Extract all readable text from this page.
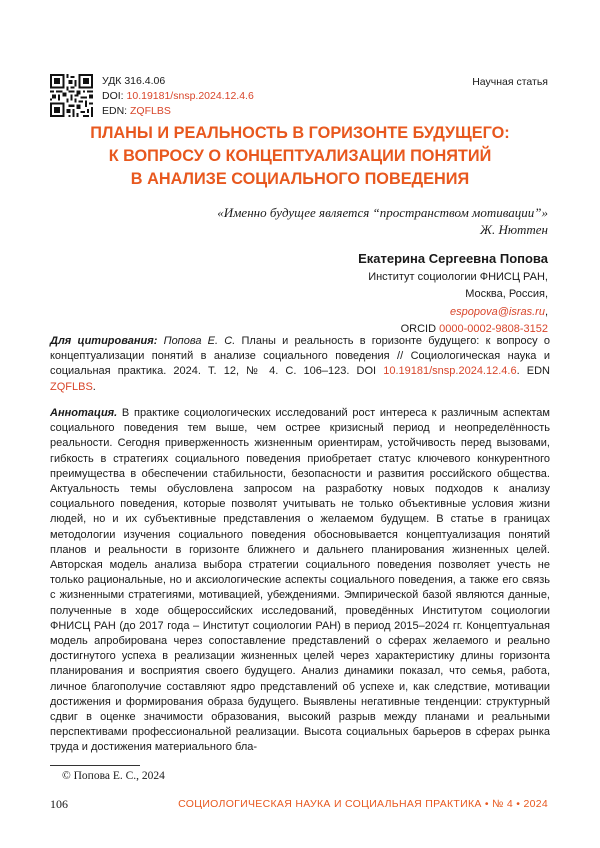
УДК 316.4.06
DOI: 10.19181/snsp.2024.12.4.6
EDN: ZQFLBS
Научная статья
ПЛАНЫ И РЕАЛЬНОСТЬ В ГОРИЗОНТЕ БУДУЩЕГО:
К ВОПРОСУ О КОНЦЕПТУАЛИЗАЦИИ ПОНЯТИЙ
В АНАЛИЗЕ СОЦИАЛЬНОГО ПОВЕДЕНИЯ
«Именно будущее является “пространством мотивации”»
Ж. Нюттен
Екатерина Сергеевна Попова
Институт социологии ФНИСЦ РАН,
Москва, Россия,
espopova@isras.ru,
ORCID 0000-0002-9808-3152
Для цитирования: Попова Е. С. Планы и реальность в горизонте будущего: к вопросу о концептуализации понятий в анализе социального поведения // Социологическая наука и социальная практика. 2024. Т. 12, № 4. С. 106–123. DOI 10.19181/snsp.2024.12.4.6. EDN ZQFLBS.
Аннотация. В практике социологических исследований рост интереса к различным аспектам социального поведения тем выше, чем острее кризисный период и неопределённость реальности. Сегодня приверженность жизненным ориентирам, устойчивость перед вызовами, гибкость в стратегиях социального поведения приобретает статус ключевого конкурентного преимущества в обеспечении стабильности, безопасности и развития российского общества. Актуальность темы обусловлена запросом на разработку новых подходов к анализу социального поведения, которые позволят учитывать не только объективные условия жизни людей, но и их субъективные представления о желаемом будущем. В статье в границах методологии изучения социального поведения обосновывается концептуализация понятий планов и реальности в горизонте ближнего и дальнего планирования жизненных целей. Авторская модель анализа выбора стратегии социального поведения позволяет учесть не только рациональные, но и аксиологические аспекты социального поведения, а также его связь с жизненными стратегиями, мотивацией, убеждениями. Эмпирической базой являются данные, полученные в ходе общероссийских исследований, проведённых Институтом социологии ФНИСЦ РАН (до 2017 года – Институт социологии РАН) в период 2015–2024 гг. Концептуальная модель апробирована через сопоставление представлений о сферах желаемого и реально достигнутого успеха в реализации жизненных целей через характеристику длины горизонта планирования и восприятия своего будущего. Анализ динамики показал, что семья, работа, личное благополучие составляют ядро представлений об успехе и, как следствие, мотивации достижения и формирования образа будущего. Выявлены негативные тенденции: структурный сдвиг в оценке значимости образования, высокий разрыв между планами и реальными перспективами профессиональной реализации. Высота социальных барьеров в сферах рынка труда и достижения материального бла-
© Попова Е. С., 2024
106	СОЦИОЛОГИЧЕСКАЯ НАУКА И СОЦИАЛЬНАЯ ПРАКТИКА • № 4 • 2024
